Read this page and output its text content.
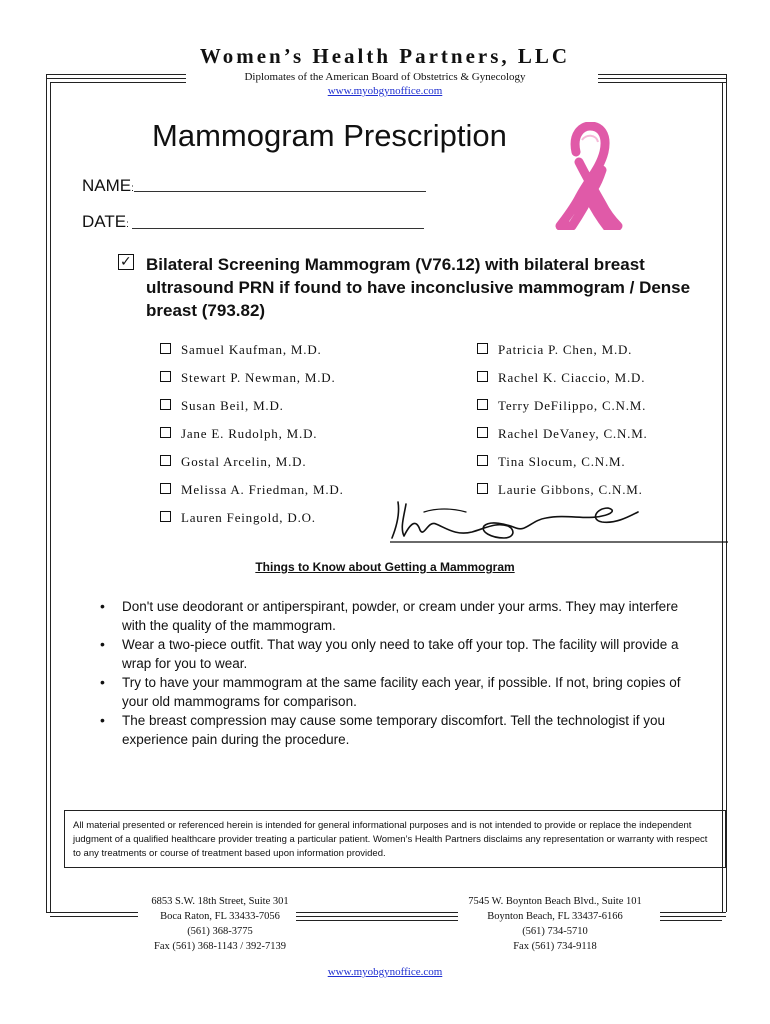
Women’s Health Partners, LLC
Diplomates of the American Board of Obstetrics & Gynecology
www.myobgynoffice.com
Mammogram Prescription
NAME:
DATE:
✓ Bilateral Screening Mammogram (V76.12) with bilateral breast ultrasound PRN if found to have inconclusive mammogram / Dense breast (793.82)
Samuel Kaufman, M.D.
Stewart P. Newman, M.D.
Susan Beil, M.D.
Jane E. Rudolph, M.D.
Gostal Arcelin, M.D.
Melissa A. Friedman, M.D.
Lauren Feingold, D.O.
Patricia P. Chen, M.D.
Rachel K. Ciaccio, M.D.
Terry DeFilippo, C.N.M.
Rachel DeVaney, C.N.M.
Tina Slocum, C.N.M.
Laurie Gibbons, C.N.M.
Things to Know about Getting a Mammogram

• Don't use deodorant or antiperspirant, powder, or cream under your arms. They may interfere with the quality of the mammogram.

• Wear a two-piece outfit. That way you only need to take off your top. The facility will provide a wrap for you to wear.

• Try to have your mammogram at the same facility each year, if possible. If not, bring copies of your old mammograms for comparison.

• The breast compression may cause some temporary discomfort. Tell the technologist if you experience pain during the procedure.

All material presented or referenced herein is intended for general informational purposes and is not intended to provide or replace the independent judgment of a qualified healthcare provider treating a particular patient. Women’s Health Partners disclaims any representation or warranty with respect to any treatments or course of treatment based upon information provided.
6853 S.W. 18th Street, Suite 301
Boca Raton, FL 33433-7056
(561) 368-3775
Fax (561) 368-1143 / 392-7139
7545 W. Boynton Beach Blvd., Suite 101
Boynton Beach, FL 33437-6166
(561) 734-5710
Fax (561) 734-9118
www.myobgynoffice.com
